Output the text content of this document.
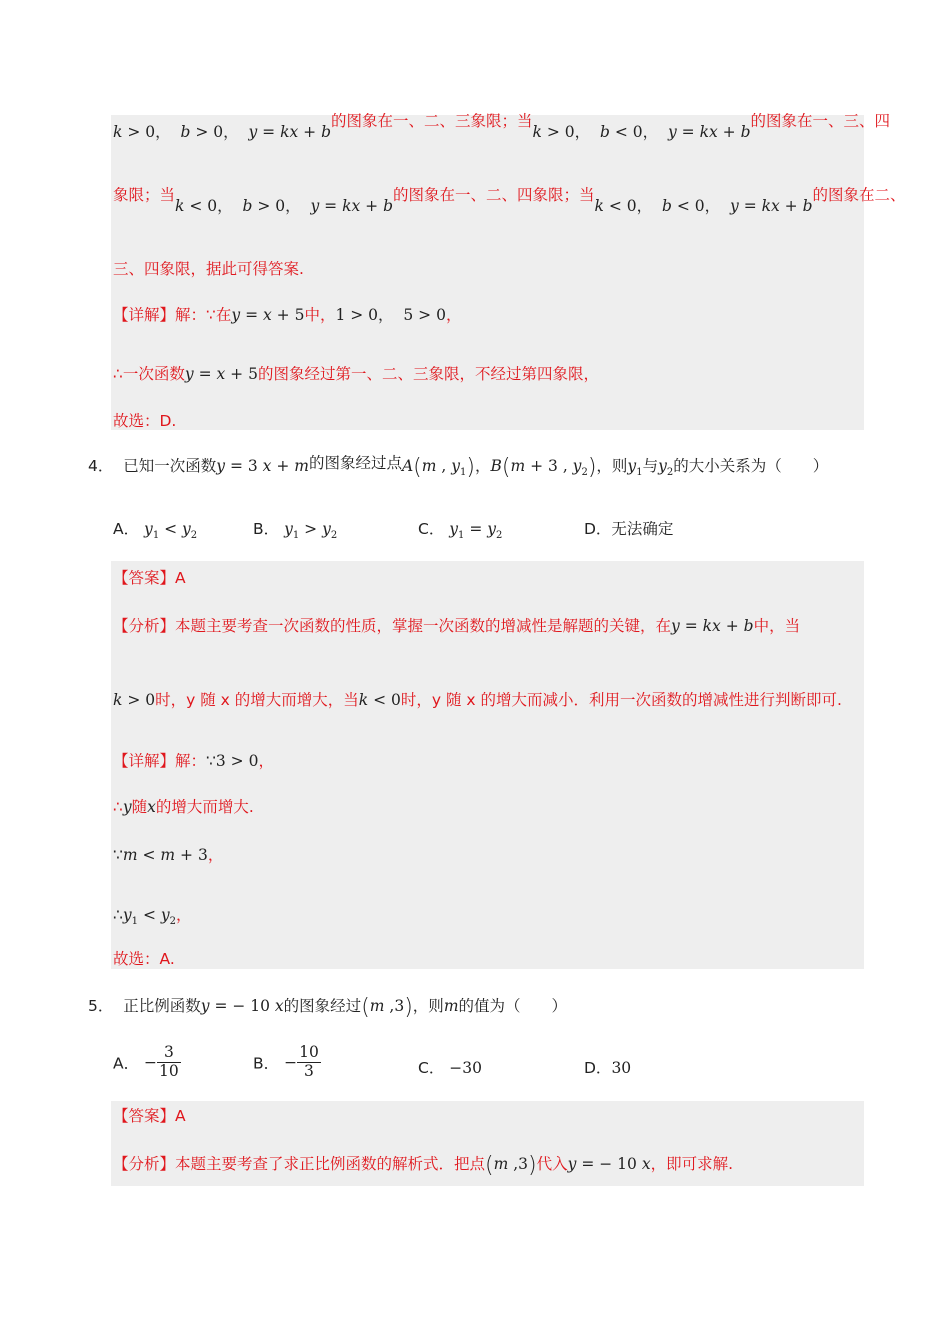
k > 0，  b > 0，  y = kx + b的图象在一、二、三象限；当k > 0，  b < 0，  y = kx + b的图象在一、三、四
象限；当k < 0，  b > 0，  y = kx + b的图象在一、二、四象限；当k < 0，  b < 0，  y = kx + b的图象在二、
三、四象限，据此可得答案.
【详解】解：∵在y = x + 5中，1 > 0，  5 > 0，
∴一次函数y = x + 5的图象经过第一、二、三象限，不经过第四象限，
故选：D.
4． 已知一次函数y = 3 x + m的图象经过点A(m , $y_1$)，B(m + 3 , $y_2$)，则$y_1$与$y_2$的大小关系为（　　）
A． $y_1 < y_2$	B． $y_1 > y_2$	C． $y_1 = y_2$	D．无法确定
【答案】A
【分析】本题主要考查一次函数的性质，掌握一次函数的增减性是解题的关键，在y = kx + b中，当
k > 0时，y 随 x 的增大而增大，当k < 0时，y 随 x 的增大而减小．利用一次函数的增减性进行判断即可.
【详解】解：∵3 > 0，
∴y随x的增大而增大.
∵m < m + 3，
$\therefore y_1 < y_2$，
故选：A.
5． 正比例函数y = − 10 x的图象经过(m ,3)，则m的值为（　　）
A． − $\frac{3}{10}$	B． − $\frac{10}{3}$	C． −30	D．30
【答案】A
【分析】本题主要考查了求正比例函数的解析式．把点(m ,3)代入y = − 10 x，即可求解.
